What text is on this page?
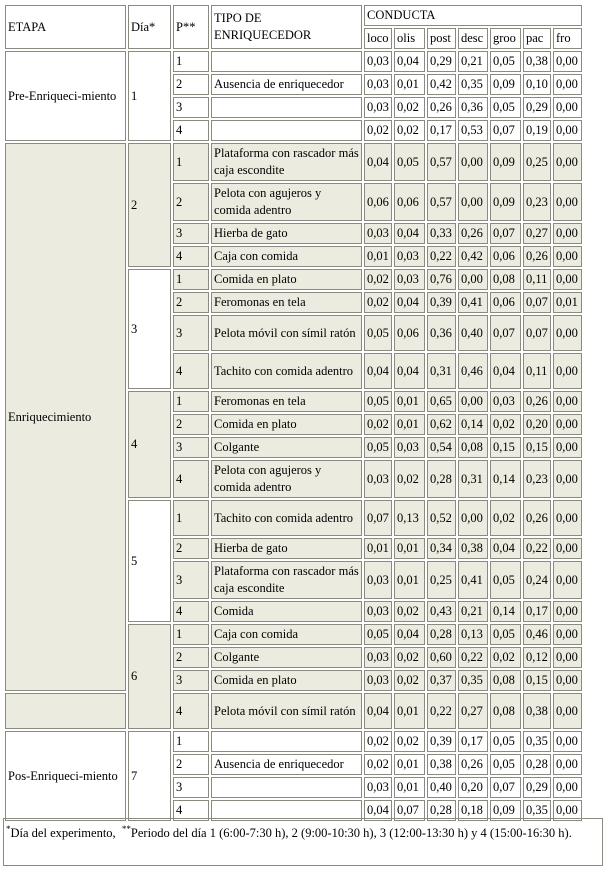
ETAPA	Día*	P**	TIPO DE ENRIQUECEDOR	CONDUCTA						
				loco	olis	post	desc	groo	pac	fro
Pre-Enriqueci-miento	1	1		0,03	0,04	0,29	0,21	0,05	0,38	0,00
		2	Ausencia de enriquecedor	0,03	0,01	0,42	0,35	0,09	0,10	0,00
		3		0,03	0,02	0,26	0,36	0,05	0,29	0,00
		4		0,02	0,02	0,17	0,53	0,07	0,19	0,00
Enriquecimiento	2	1	Plataforma con rascador más caja escondite	0,04	0,05	0,57	0,00	0,09	0,25	0,00
		2	Pelota con agujeros y comida adentro	0,06	0,06	0,57	0,00	0,09	0,23	0,00
		3	Hierba de gato	0,03	0,04	0,33	0,26	0,07	0,27	0,00
		4	Caja con comida	0,01	0,03	0,22	0,42	0,06	0,26	0,00
	3	1	Comida en plato	0,02	0,03	0,76	0,00	0,08	0,11	0,00
		2	Feromonas en tela	0,02	0,04	0,39	0,41	0,06	0,07	0,01
		3	Pelota móvil con símil ratón	0,05	0,06	0,36	0,40	0,07	0,07	0,00
		4	Tachito con comida adentro	0,04	0,04	0,31	0,46	0,04	0,11	0,00
	4	1	Feromonas en tela	0,05	0,01	0,65	0,00	0,03	0,26	0,00
		2	Comida en plato	0,02	0,01	0,62	0,14	0,02	0,20	0,00
		3	Colgante	0,05	0,03	0,54	0,08	0,15	0,15	0,00
		4	Pelota con agujeros y comida adentro	0,03	0,02	0,28	0,31	0,14	0,23	0,00
	5	1	Tachito con comida adentro	0,07	0,13	0,52	0,00	0,02	0,26	0,00
		2	Hierba de gato	0,01	0,01	0,34	0,38	0,04	0,22	0,00
		3	Plataforma con rascador más caja escondite	0,03	0,01	0,25	0,41	0,05	0,24	0,00
		4	Comida	0,03	0,02	0,43	0,21	0,14	0,17	0,00
	6	1	Caja con comida	0,05	0,04	0,28	0,13	0,05	0,46	0,00
		2	Colgante	0,03	0,02	0,60	0,22	0,02	0,12	0,00
		3	Comida en plato	0,03	0,02	0,37	0,35	0,08	0,15	0,00
		4	Pelota móvil con símil ratón	0,04	0,01	0,22	0,27	0,08	0,38	0,00
Pos-Enriqueci-miento	7	1		0,02	0,02	0,39	0,17	0,05	0,35	0,00
		2	Ausencia de enriquecedor	0,02	0,01	0,38	0,26	0,05	0,28	0,00
		3		0,03	0,01	0,40	0,20	0,07	0,29	0,00
		4		0,04	0,07	0,28	0,18	0,09	0,35	0,00
*Día del experimento, **Periodo del día 1 (6:00-7:30 h), 2 (9:00-10:30 h), 3 (12:00-13:30 h) y 4 (15:00-16:30 h).
